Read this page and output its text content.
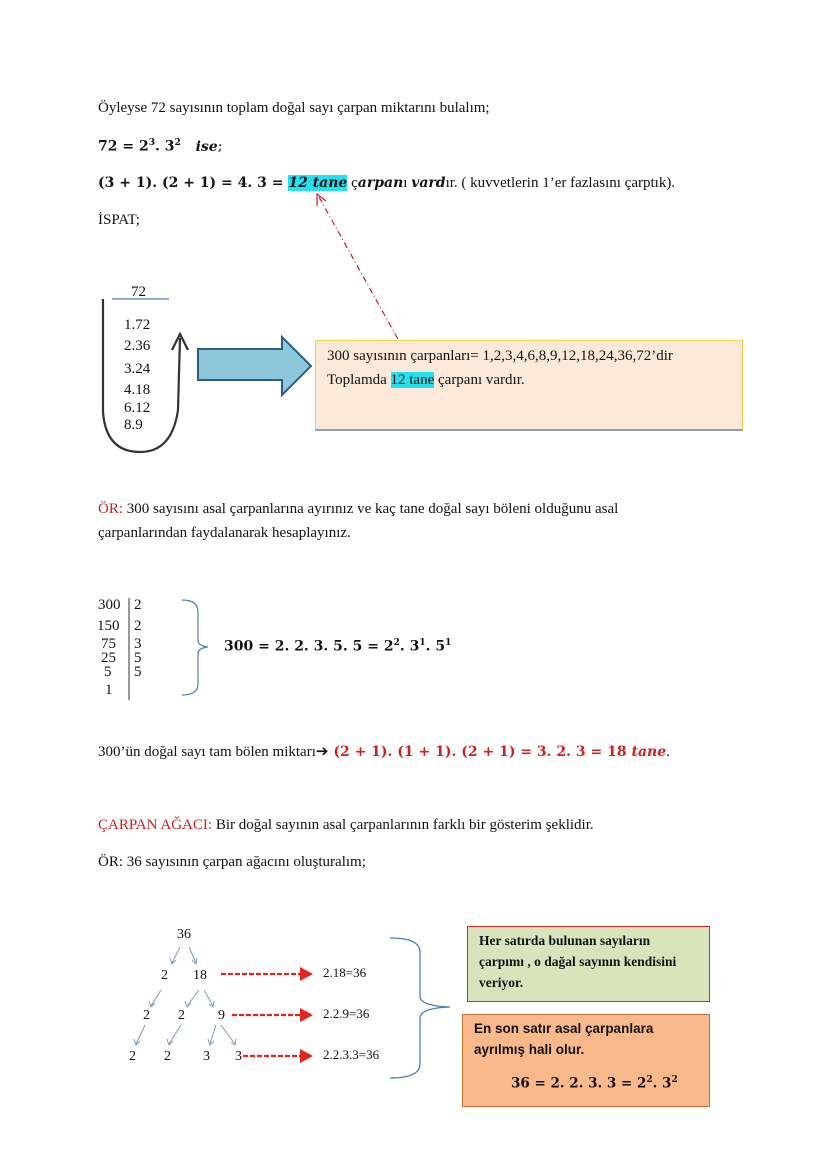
Öyleyse 72 sayısının toplam doğal sayı çarpan miktarını bulalım;
$72 = 2^3$. $3^2$ ise;
(3 + 1). (2 + 1) = 4. 3 = 12 tane çarpanı vardır. ( kuvvetlerin 1’er fazlasını çarptık).
İSPAT;
72
1.72
2.36
3.24
4.18
6.12
8.9
300 sayısının çarpanları= 1,2,3,4,6,8,9,12,18,24,36,72’dir
Toplamda 12 tane çarpanı vardır.
ÖR: 300 sayısını asal çarpanlarına ayırınız ve kaç tane doğal sayı böleni olduğunu asal
çarpanlarından faydalanarak hesaplayınız.
300
150
75
25
5
1
2
2
3
5
5
300 = 2. 2. 3. 5. $5 = 2^2$. $3^1$. $5^1$
300’ün doğal sayı tam bölen miktarı➔ (2 + 1). (1 + 1). (2 + 1) = 3. 2. 3 = 18 tane.
ÇARPAN AĞACI: Bir doğal sayının asal çarpanlarının farklı bir gösterim şeklidir.
ÖR: 36 sayısının çarpan ağacını oluşturalım;
36
2 18
2 2 9
2 2 3 3
2.18=36
2.2.9=36
2.2.3.3=36
Her satırda bulunan sayıların
çarpımı , o dağal sayının kendisini
veriyor.
En son satır asal çarpanlara
ayrılmış hali olur.
36 = 2. 2. 3. $3 = 2^2$. $3^2$
